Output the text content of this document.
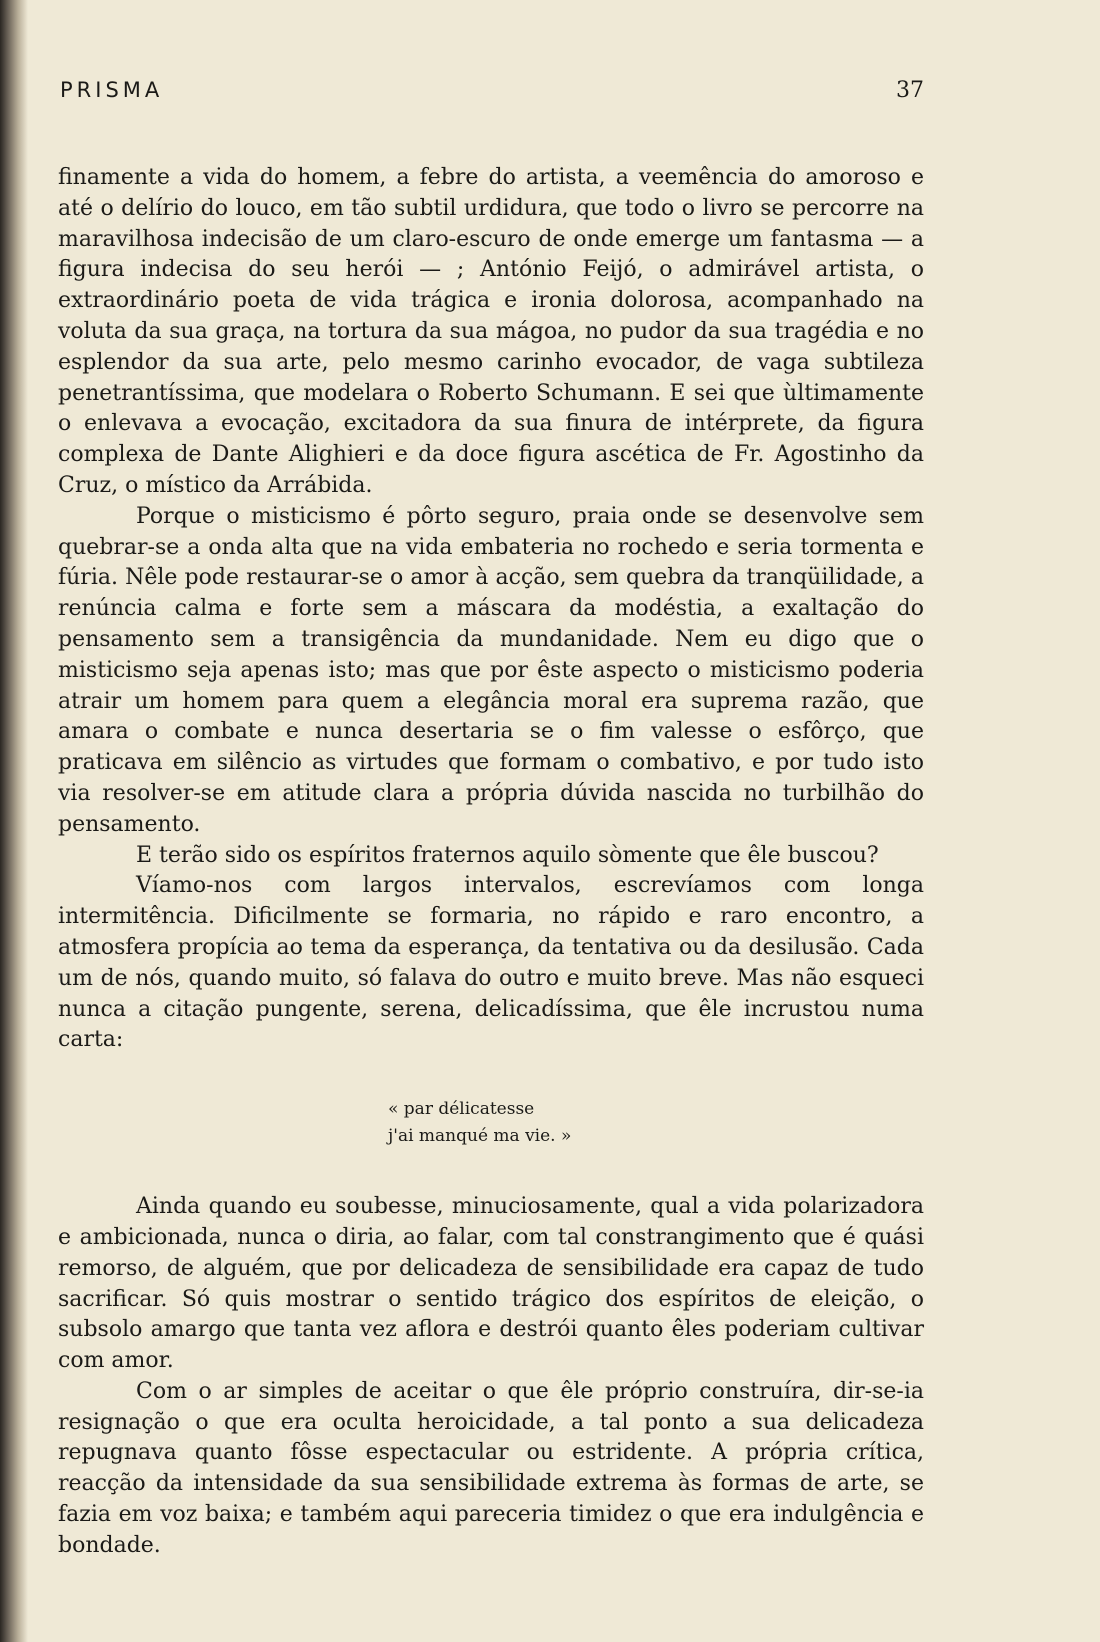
PRISMA	37

finamente a vida do homem, a febre do artista, a veemência do amoroso e até o delírio do louco, em tão subtil urdidura, que todo o livro se percorre na maravilhosa indecisão de um claro-escuro de onde emerge um fantasma — a figura indecisa do seu herói — ; António Feijó, o admirável artista, o extraordinário poeta de vida trágica e ironia dolorosa, acompanhado na voluta da sua graça, na tortura da sua mágoa, no pudor da sua tragédia e no esplendor da sua arte, pelo mesmo carinho evocador, de vaga subtileza penetrantíssima, que modelara o Roberto Schumann. E sei que ùltimamente o enlevava a evocação, excitadora da sua finura de intérprete, da figura complexa de Dante Alighieri e da doce figura ascética de Fr. Agostinho da Cruz, o místico da Arrábida.

Porque o misticismo é pôrto seguro, praia onde se desenvolve sem quebrar-se a onda alta que na vida embateria no rochedo e seria tormenta e fúria. Nêle pode restaurar-se o amor à acção, sem quebra da tranqüilidade, a renúncia calma e forte sem a máscara da modéstia, a exaltação do pensamento sem a transigência da mundanidade. Nem eu digo que o misticismo seja apenas isto; mas que por êste aspecto o misticismo poderia atrair um homem para quem a elegância moral era suprema razão, que amara o combate e nunca desertaria se o fim valesse o esfôrço, que praticava em silêncio as virtudes que formam o combativo, e por tudo isto via resolver-se em atitude clara a própria dúvida nascida no turbilhão do pensamento.

E terão sido os espíritos fraternos aquilo sòmente que êle buscou?

Víamo-nos com largos intervalos, escrevíamos com longa intermitência. Dificilmente se formaria, no rápido e raro encontro, a atmosfera propícia ao tema da esperança, da tentativa ou da desilusão. Cada um de nós, quando muito, só falava do outro e muito breve. Mas não esqueci nunca a citação pungente, serena, delicadíssima, que êle incrustou numa carta:

« par délicatesse
j'ai manqué ma vie. »

Ainda quando eu soubesse, minuciosamente, qual a vida polarizadora e ambicionada, nunca o diria, ao falar, com tal constrangimento que é quási remorso, de alguém, que por delicadeza de sensibilidade era capaz de tudo sacrificar. Só quis mostrar o sentido trágico dos espíritos de eleição, o subsolo amargo que tanta vez aflora e destrói quanto êles poderiam cultivar com amor.

Com o ar simples de aceitar o que êle próprio construíra, dir-se-ia resignação o que era oculta heroicidade, a tal ponto a sua delicadeza repugnava quanto fôsse espectacular ou estridente. A própria crítica, reacção da intensidade da sua sensibilidade extrema às formas de arte, se fazia em voz baixa; e também aqui pareceria timidez o que era indulgência e bondade.
